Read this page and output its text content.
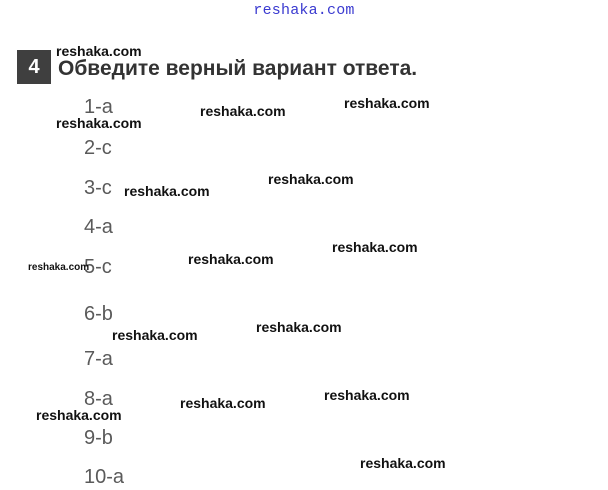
reshaka.com
4 Обведите верный вариант ответа.
1-a
2-c
3-c
4-a
5-c
6-b
7-a
8-a
9-b
10-a
reshaka.com
reshaka.com
reshaka.com
reshaka.com
reshaka.com
reshaka.com
reshaka.com
reshaka.com
reshaka.com
reshaka.com
reshaka.com
reshaka.com
reshaka.com
reshaka.com
reshaka.com
